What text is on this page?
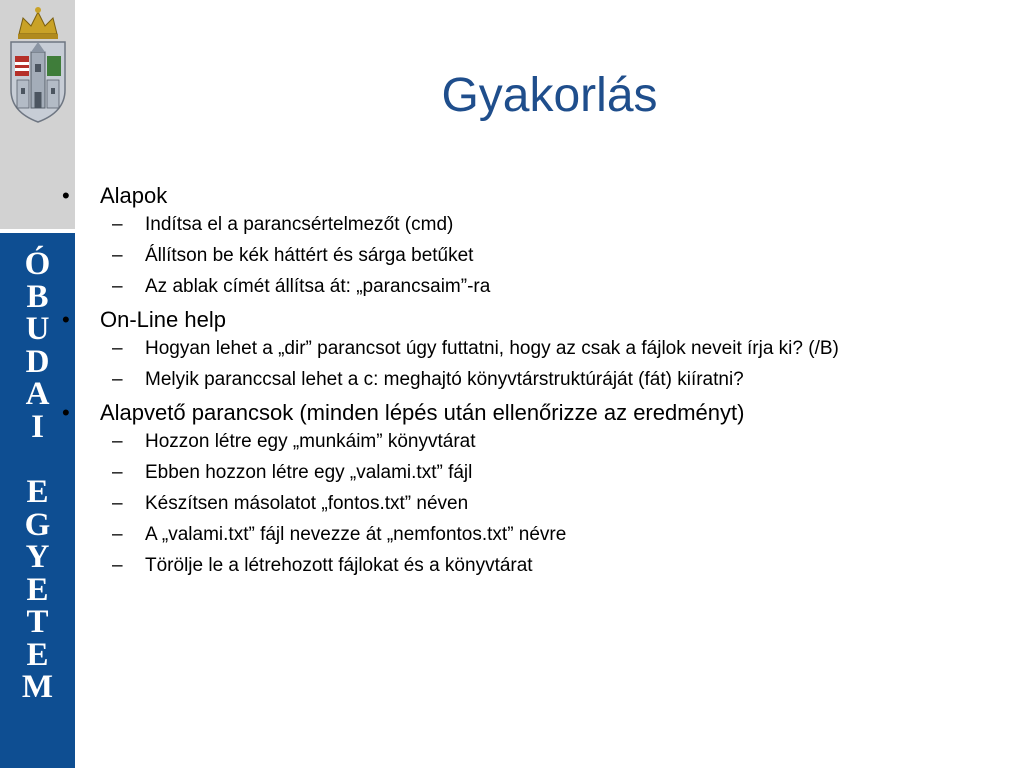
Ó
B
U
D
A
I
E
G
Y
E
T
E
M
Gyakorlás
• Alapok
– Indítsa el a parancsértelmezőt (cmd)
– Állítson be kék háttért és sárga betűket
– Az ablak címét állítsa át: „parancsaim”-ra
• On-Line help
– Hogyan lehet a „dir” parancsot úgy futtatni, hogy az csak a fájlok neveit írja ki? (/B)
– Melyik paranccsal lehet a c: meghajtó könyvtárstruktúráját (fát) kiíratni?
• Alapvető parancsok (minden lépés után ellenőrizze az eredményt)
– Hozzon létre egy „munkáim” könyvtárat
– Ebben hozzon létre egy „valami.txt” fájl
– Készítsen másolatot „fontos.txt” néven
– A „valami.txt” fájl nevezze át „nemfontos.txt” névre
– Törölje le a létrehozott fájlokat és a könyvtárat
